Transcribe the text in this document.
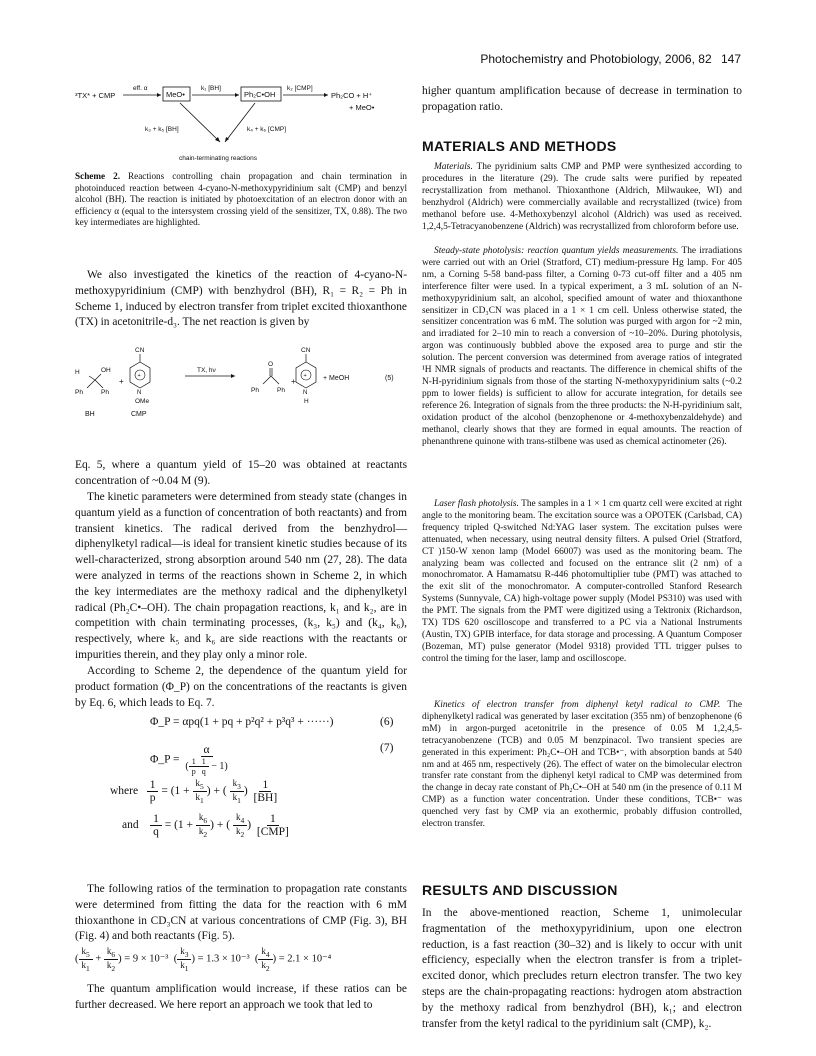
Photochemistry and Photobiology, 2006, 82 147
³TX* + CMP
eff. α
MeO•
k₁ [BH]
Ph₂C•OH
k₂ [CMP]
Ph₂CO + H⁺
+ MeO•
k₃ + k₅ [BH]	k₄ + k₆ [CMP]
chain-terminating reactions
Scheme 2. Reactions controlling chain propagation and chain termination in photoinduced reaction between 4-cyano-N-methoxypyridinium salt (CMP) and benzyl alcohol (BH). The reaction is initiated by photoexcitation of an electron donor with an efficiency α (equal to the intersystem crossing yield of the sensitizer, TX, 0.88). The two key intermediates are highlighted.
We also investigated the kinetics of the reaction of 4-cyano-N-methoxypyridinium (CMP) with benzhydrol (BH), R₁ = R₂ = Ph in Scheme 1, induced by electron transfer from triplet excited thioxanthone (TX) in acetonitrile-d₃. The net reaction is given by
H	OH
Ph	Ph
BH
+
CN
+
N
OMe
CMP
TX, hν
O
Ph	Ph
+
CN
+
N
H
+ MeOH	(5)
Eq. 5, where a quantum yield of 15–20 was obtained at reactants concentration of ~0.04 M (9).
The kinetic parameters were determined from steady state (changes in quantum yield as a function of concentration of both reactants) and from transient kinetics. The radical derived from the benzhydrol—diphenylketyl radical—is ideal for transient kinetic studies because of its well-characterized, strong absorption around 540 nm (27, 28). The data were analyzed in terms of the reactions shown in Scheme 2, in which the key intermediates are the methoxy radical and the diphenylketyl radical (Ph₂C•–OH). The chain propagation reactions, k₁ and k₂, are in competition with chain terminating processes, (k₃, k₅) and (k₄, k₆), respectively, where k₅ and k₆ are side reactions with the reactants or impurities therein, and they play only a minor role.
According to Scheme 2, the dependence of the quantum yield for product formation (Φ_P) on the concentrations of the reactants is given by Eq. 6, which leads to Eq. 7.
Φ_P = αpq(1 + pq + p²q² + p³q³ + ······)	(6)
Φ_P = $\frac{\alpha}{( \frac{1}{p} \frac{1}{q} - 1)}$	(7)
where $\frac{1}{p} = (1 + \frac{k_5}{k_1}$ ) + ( $\frac{k_3}{k_1}$ ) $\frac{1}{[BH]}$
and $\frac{1}{q} = (1 + \frac{k_6}{k_2}$ ) + ( $\frac{k_4}{k_2}$ ) $\frac{1}{\text{[CMP]}}$
The following ratios of the termination to propagation rate constants were determined from fitting the data for the reaction with 6 mM thioxanthone in CD₃CN at various concentrations of CMP (Fig. 3), BH (Fig. 4) and both reactants (Fig. 5).
( $\frac{k_5}{k_1} + \frac{k_6}{k_2}$ ) = 9 × 10⁻³  ( $\frac{k_3}{k_1}$ ) = 1.3 × 10⁻³  ( $\frac{k_4}{k_2}$ ) = 2.1 × 10⁻⁴
The quantum amplification would increase, if these ratios can be further decreased. We here report an approach we took that led to
higher quantum amplification because of decrease in termination to propagation ratio.
MATERIALS AND METHODS
Materials. The pyridinium salts CMP and PMP were synthesized according to procedures in the literature (29). The crude salts were purified by repeated recrystallization from methanol. Thioxanthone (Aldrich, Milwaukee, WI) and benzhydrol (Aldrich) were commercially available and recrystallized (twice) from methanol before use. 4-Methoxybenzyl alcohol (Aldrich) was used as received. 1,2,4,5-Tetracyanobenzene (Aldrich) was recrystallized from chloroform before use.
Steady-state photolysis: reaction quantum yields measurements. The irradiations were carried out with an Oriel (Stratford, CT) medium-pressure Hg lamp. For 405 nm, a Corning 5-58 band-pass filter, a Corning 0-73 cut-off filter and a 405 nm interference filter were used. In a typical experiment, a 3 mL solution of an N-methoxypyridinium salt, an alcohol, specified amount of water and thioxanthone sensitizer in CD₃CN was placed in a 1 × 1 cm cell. Unless otherwise stated, the sensitizer concentration was 6 mM. The solution was purged with argon for ~2 min, and irradiated for 2–10 min to reach a conversion of ~10–20%. During photolysis, argon was continuously bubbled above the exposed area to purge and stir the solution. The percent conversion was determined from average ratios of integrated ¹H NMR signals of products and reactants. The difference in chemical shifts of the N-H-pyridinium signals from those of the starting N-methoxypyridinium salts (~0.2 ppm to lower fields) is sufficient to allow for accurate integration, for details see reference 26. Integration of signals from the three products: the N-H-pyridinium salt, oxidation product of the alcohol (benzophenone or 4-methoxybenzaldehyde) and methanol, clearly shows that they are formed in equal amounts. The reaction of phenanthrene quinone with trans-stilbene was used as chemical actinometer (26).
Laser flash photolysis. The samples in a 1 × 1 cm quartz cell were excited at right angle to the monitoring beam. The excitation source was a OPOTEK (Carlsbad, CA) frequency tripled Q-switched Nd:YAG laser system. The excitation pulses were attenuated, when necessary, using neutral density filters. A pulsed Oriel (Stratford, CT )150-W xenon lamp (Model 66007) was used as the monitoring beam. The analyzing beam was collected and focused on the entrance slit (2 nm) of a monochromator. A Hamamatsu R-446 photomultiplier tube (PMT) was attached to the exit slit of the monochromator. A computer-controlled Stanford Research Systems (Sunnyvale, CA) high-voltage power supply (Model PS310) was used with the PMT. The signals from the PMT were digitized using a Tektronix (Richardson, TX) TDS 620 oscilloscope and transferred to a PC via a National Instruments (Austin, TX) GPIB interface, for data storage and processing. A Quantum Composer (Bozeman, MT) pulse generator (Model 9318) provided TTL trigger pulses to control the timing for the laser, lamp and oscilloscope.
Kinetics of electron transfer from diphenyl ketyl radical to CMP. The diphenylketyl radical was generated by laser excitation (355 nm) of benzophenone (6 mM) in argon-purged acetonitrile in the presence of 0.05 M 1,2,4,5-tetracyanobenzene (TCB) and 0.05 M benzpinacol. Two transient species are generated in this experiment: Ph₂C•–OH and TCB•⁻, with absorption bands at 540 nm and at 465 nm, respectively (26). The effect of water on the bimolecular electron transfer rate constant from the diphenyl ketyl radical to CMP was determined from the change in decay rate constant of Ph₂C•–OH at 540 nm (in the presence of 0.11 M CMP) as a function water concentration. Under these conditions, TCB•⁻ was quenched very fast by CMP via an exothermic, probably diffusion controlled, electron transfer.
RESULTS AND DISCUSSION
In the above-mentioned reaction, Scheme 1, unimolecular fragmentation of the methoxypyridinium, upon one electron reduction, is a fast reaction (30–32) and is likely to occur with unit efficiency, especially when the electron transfer is from a triplet-excited donor, which precludes return electron transfer. The two key steps are the chain-propagating reactions: hydrogen atom abstraction by the methoxy radical from benzhydrol (BH), k₁; and electron transfer from the ketyl radical to the pyridinium salt (CMP), k₂.
